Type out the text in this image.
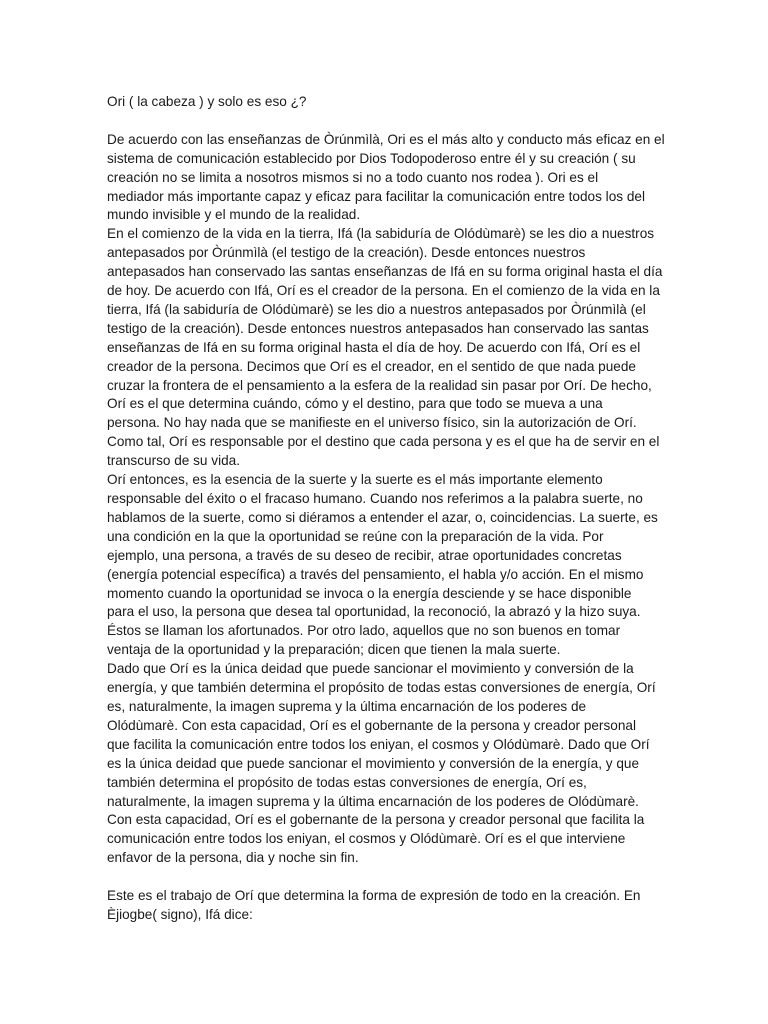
Ori ( la cabeza ) y solo es eso ¿?
De acuerdo con las enseñanzas de Òrúnmìlà, Ori es el más alto y conducto más eficaz en el
sistema de comunicación establecido por Dios Todopoderoso entre él y su creación ( su
creación no se limita a nosotros mismos si no a todo cuanto nos rodea ). Ori es el
mediador más importante capaz y eficaz para facilitar la comunicación entre todos los del
mundo invisible y el mundo de la realidad.
En el comienzo de la vida en la tierra, Ifá (la sabiduría de Olódùmarè) se les dio a nuestros
antepasados por Òrúnmìlà (el testigo de la creación). Desde entonces nuestros
antepasados han conservado las santas enseñanzas de Ifá en su forma original hasta el día
de hoy. De acuerdo con Ifá, Orí es el creador de la persona. En el comienzo de la vida en la
tierra, Ifá (la sabiduría de Olódùmarè) se les dio a nuestros antepasados por Òrúnmìlà (el
testigo de la creación). Desde entonces nuestros antepasados han conservado las santas
enseñanzas de Ifá en su forma original hasta el día de hoy. De acuerdo con Ifá, Orí es el
creador de la persona. Decimos que Orí es el creador, en el sentido de que nada puede
cruzar la frontera de el pensamiento a la esfera de la realidad sin pasar por Orí. De hecho,
Orí es el que determina cuándo, cómo y el destino, para que todo se mueva a una
persona. No hay nada que se manifieste en el universo físico, sin la autorización de Orí.
Como tal, Orí es responsable por el destino que cada persona y es el que ha de servir en el
transcurso de su vida.
Orí entonces, es la esencia de la suerte y la suerte es el más importante elemento
responsable del éxito o el fracaso humano. Cuando nos referimos a la palabra suerte, no
hablamos de la suerte, como si diéramos a entender el azar, o, coincidencias. La suerte, es
una condición en la que la oportunidad se reúne con la preparación de la vida. Por
ejemplo, una persona, a través de su deseo de recibir, atrae oportunidades concretas
(energía potencial específica) a través del pensamiento, el habla y/o acción. En el mismo
momento cuando la oportunidad se invoca o la energía desciende y se hace disponible
para el uso, la persona que desea tal oportunidad, la reconoció, la abrazó y la hizo suya.
Éstos se llaman los afortunados. Por otro lado, aquellos que no son buenos en tomar
ventaja de la oportunidad y la preparación; dicen que tienen la mala suerte.
Dado que Orí es la única deidad que puede sancionar el movimiento y conversión de la
energía, y que también determina el propósito de todas estas conversiones de energía, Orí
es, naturalmente, la imagen suprema y la última encarnación de los poderes de
Olódùmarè. Con esta capacidad, Orí es el gobernante de la persona y creador personal
que facilita la comunicación entre todos los eniyan, el cosmos y Olódùmarè. Dado que Orí
es la única deidad que puede sancionar el movimiento y conversión de la energía, y que
también determina el propósito de todas estas conversiones de energía, Orí es,
naturalmente, la imagen suprema y la última encarnación de los poderes de Olódùmarè.
Con esta capacidad, Orí es el gobernante de la persona y creador personal que facilita la
comunicación entre todos los eniyan, el cosmos y Olódùmarè. Orí es el que interviene
enfavor de la persona, dia y noche sin fin.
Este es el trabajo de Orí que determina la forma de expresión de todo en la creación. En
Èjiogbe( signo), Ifá dice:
